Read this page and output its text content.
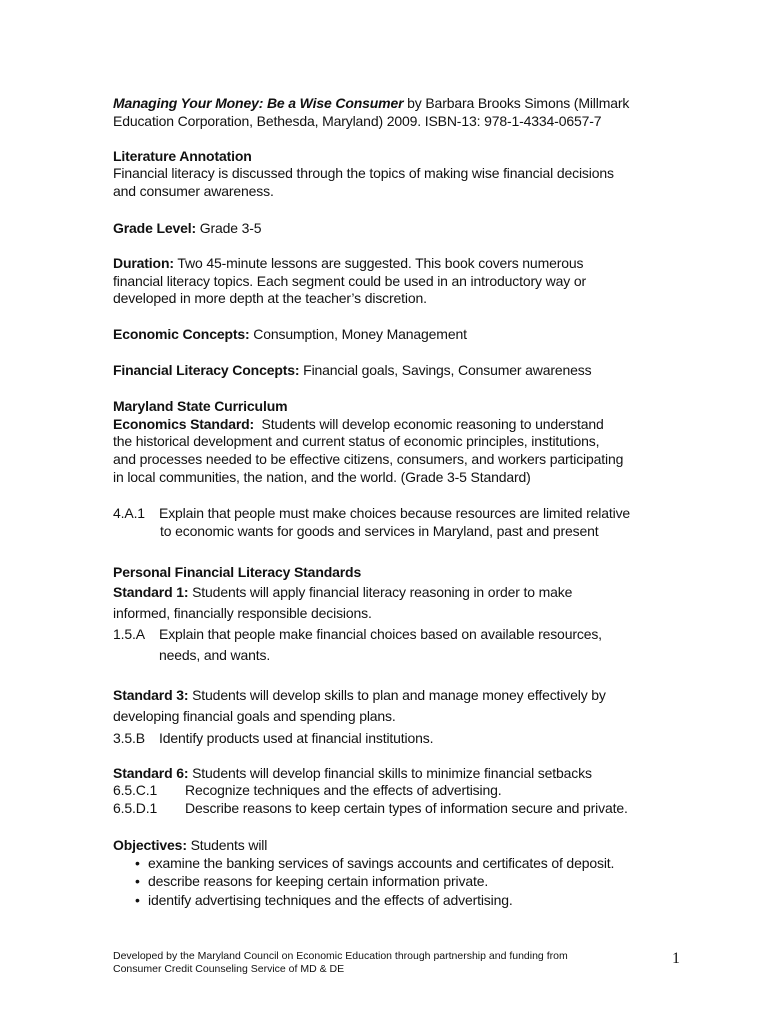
Managing Your Money: Be a Wise Consumer by Barbara Brooks Simons (Millmark
Education Corporation, Bethesda, Maryland) 2009. ISBN-13: 978-1-4334-0657-7
Literature Annotation
Financial literacy is discussed through the topics of making wise financial decisions
and consumer awareness.
Grade Level: Grade 3-5
Duration: Two 45-minute lessons are suggested. This book covers numerous
financial literacy topics. Each segment could be used in an introductory way or
developed in more depth at the teacher’s discretion.
Economic Concepts: Consumption, Money Management
Financial Literacy Concepts: Financial goals, Savings, Consumer awareness
Maryland State Curriculum
Economics Standard:  Students will develop economic reasoning to understand
the historical development and current status of economic principles, institutions,
and processes needed to be effective citizens, consumers, and workers participating
in local communities, the nation, and the world. (Grade 3-5 Standard)
4.A.1 Explain that people must make choices because resources are limited relative
to economic wants for goods and services in Maryland, past and present
Personal Financial Literacy Standards
Standard 1: Students will apply financial literacy reasoning in order to make
informed, financially responsible decisions.
1.5.A Explain that people make financial choices based on available resources,
needs, and wants.
Standard 3: Students will develop skills to plan and manage money effectively by
developing financial goals and spending plans.
3.5.B Identify products used at financial institutions.
Standard 6: Students will develop financial skills to minimize financial setbacks
6.5.C.1 Recognize techniques and the effects of advertising.
6.5.D.1 Describe reasons to keep certain types of information secure and private.
Objectives: Students will
• examine the banking services of savings accounts and certificates of deposit.
• describe reasons for keeping certain information private.
• identify advertising techniques and the effects of advertising.
Developed by the Maryland Council on Economic Education through partnership and funding from
Consumer Credit Counseling Service of MD & DE
1
